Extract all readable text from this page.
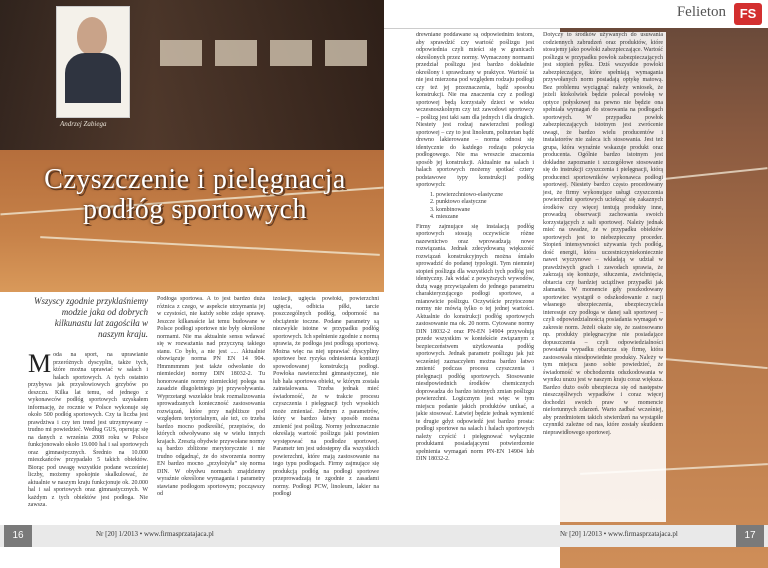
Andrzej Zabiega
Czyszczenie i pielęgnacja
podłóg sportowych
Wszyscy zgodnie przyklaśniemy modzie jaka od dobrych kilkunastu lat zagościła w naszym kraju.
Moda na sport, na uprawianie przeróżnych dyscyplin, także tych, które można uprawiać w salach i halach sportowych. A tych ostatnio przybywa jak przysłowiowych grzybów po deszczu. Kilka lat temu, od jednego z wykonawców podłóg sportowych uzyskałem informację, że rocznie w Polsce wykonuje się około 500 podłóg sportowych. Czy ta liczba jest prawdziwa i czy ten trend jest utrzymywany – trudno mi powiedzieć. Według GUS, operując się na danych z września 2008 roku w Polsce funkcjonowało około 19.000 hal i sal sportowych oraz gimnastycznych. Średnio na 10.000 mieszkańców przypadało 5 takich obiektów. Biorąc pod uwagę wszystkie podane wcześniej liczby, możemy spokojnie skalkulować, że aktualnie w naszym kraju funkcjonuje ok. 20.000 hal i sal sportowych oraz gimnastycznych. W każdym z tych obiektów jest podłoga. Nie zawsza.
Podłoga sportowa. A to jest bardzo duża różnica z czego, w aspekcie utrzymania jej w czystości, nie każdy sobie zdaje sprawę. Jeszcze kilkanaście lat temu budowane w Polsce podłogi sportowe nie były określone normami. Nie ma aktualnie sensu wdawać się w rozważania nad przyczyną takiego stanu. Co było, a nie jest ..... Aktualnie obowiązuje norma PN EN 14 904. Hmmmmmm jest także odwołanie do niemieckiej normy DIN 18032-2. Tu honorowanie normy niemieckiej polega na zasadzie dlugoletniego jej przywoływania. Wyprzetargi wszelakie brak rozmalizowania sprowadzanych konieczność zastosowania rozwiązań, które przy najbliższe pod względem terytorialnym, ale też, co trzeba bardzo mocno podkreślić, przepisów, do których odwoływano się w wielu innych krajach. Zresztą obydwie przywołane normy są bardzo zbliżone merytorycznie i nie trudno odgadnąć, że do stworzenia normy EN bardzo mocno „przyłożyła” się norma DIN. W obydwu normach znajdziemy wyraźnie określone wymagania i parametry stawiane podłogom sportowym; począwszy od
izolacji, ugięcia powłoki, powierzchni ugięcia, odbicia piłki, tarcie poszczególnych podłóg, odporność na obciążenie toczne. Podane parametry są niezwykle istotne w przypadku podłóg sportowych. Ich spełnienie zgodnie z normą sprawia, że podłoga jest podłogą sportową. Można więc na niej uprawiać dyscypliny sportowe bez ryzyka odniesienia kontuzji spowodowanej konstrukcją podłogi. Powłoka nawierzchni gimnastycznej, nie lub hala sportowa obiekt, w którym została zainstalowana. Trzeba jednak mieć świadomość, że w trakcie procesu czyszczenia i pielęgnacji tych wysokich może zmieniać. Jednym z parametrów, który w bardzo łatwy sposób można zmienić jest poślizg. Normy jednoznacznie określają wartość poślizgu jaki powinien występować na podłodze sportowej. Parametr ten jest udostępny dla wszystkich powierzchni, które mają zastosowanie na tego typu podłogach. Firmy zajmujące się produkcją podłóg na podłogi sportowe przeprowadzają te zgodnie z zasadami normy. Podłogi PCW, linoleum, lakier na podłogi
16	Nr [20] 1/2013 • www.firmasprzatajaca.pl
Felieton	FS
drewniane poddawane są odpowiednim testom, aby sprawdzić czy wartość poślizgu jest odpowiednia czyli mieści się w granicach określonych przez normy. Wymaczony normami przedział poślizgu jest bardzo dokładnie określony i sprawdzany w praktyce. Wartość ta nie jest mierzona pod względem rodzaju podłogi czy też jej przeznaczenia, bądź sposobu konstrukcji. Nie ma znaczenia czy z podłogi sportowej będą korzystały dzieci w wieku wczesnoszkolnym czy też zawodowi sportowcy – poślizg jest taki sam dla jednych i dla drugich. Niestety jest rodzaj nawierzchni podłogi sportowej – czy to jest linoleum, poliuretan bądź drewno lakierowane – norma odnosi się identycznie do każdego rodzaju pokrycia podłogowego. Nie ma wreszcie znaczenia sposób jej konstrukcji. Aktualnie na salach i halach sportowych możemy spotkać cztery podstawowe typy konstrukcji podłóg sportowych:
1. powierzchniowo-elastyczne
2. punktowo elastyczne
3. kombinowane
4. mieszane
Firmy zajmujące się instalacją podłóg sportowych stosują oczywiście różne nazewnictwo oraz wprowadzają nowe rozwiązania. Jednak zdecydowaną większość rozwiązań konstrukcyjnych można śmiało sprowadzić do podanej typologii. Tym niemniej stopień poślizgu dla wszystkich tych podłóg jest identyczny. Jak widać z powyższych wywodów, dużą wagę przywiązałem do jednego parametru charakteryzującego podłogi sportowe, a mianowicie poślizgu. Oczywiście przytoczone normy nie mówią tylko o tej jednej wartości. Aktualnie do konstrukcji podłóg sportowych zastosowanie ma ok. 20 norm. Cytowane normy DIN 18032-2 oraz PN-EN 14904 przywołują przede wszystkim w kontekście związanym z bezpieczeństwem użytkowania podłóg sportowych. Jednak parametr poślizgu jak już wcześniej zaznaczyłem można bardzo łatwo zmienić podczas procesu czyszczenia i pielęgnacji podłóg sportowych. Stosowanie niesdpowiednich środków chemicznych doprowadza do bardzo istotnych zmian poślizgu powierzchni. Logicznym jest więc w tym miejscu podanie jakich produktów unikać, a jakie stosować. Łatwiej będzie jednak wymienić te drugie gdyż odpowiedź jest bardzo prosta: podłogi sportowe na salach i halach sportowych należy czyścić i pielęgnować wyłącznie produktami posiadającymi potwierdzenie spełnienia wymagań norm PN-EN 14904 lub DIN 18032-2.
Dotyczy to środków używanych do usuwania codziennych zabrudzeń oraz produktów, które stosujemy jako powłoki zabezpieczające. Wartość poślizgu w przypadku powłok zabezpieczających jest stopień pyłku. Dziś wszystkie powłoki zabezpieczające, które spełniają wymagania przywołanych norm posiadają optykę matową. Bez problemu wyciągnąć należy wniosek, że jeżeli ktokolwiek będzie polecał powłokę w optyce połyskowej na pewno nie będzie ona spełniała wymagań do stosowania na podłogach sportowych. W przypadku powłok zabezpieczających istotnym jest zwrócenie uwagi, że bardzo wielu producentów i instalatorów nie zaleca ich stosowania. Jest też grupa, która wyraźnie wskazuje produkt oraz producenta. Ogólnie bardzo istotnym jest dokładne zapoznanie i szczegółowe stosowanie się do instrukcji czyszczenia i pielęgnacji, którą producenci sportowników wykonawca podłogi sportowej. Niestety bardzo często procedowany jest, że firmy wykonujące usługi czyszczenia powierzchni sportowych ucieknąć się zakaznych środków czy więcej tentują produkty inne, prowadzą obserwacji zachowania swoich korzystających z sali sportowej. Należy jednak mieć na uwadze, że w przypadku obiektów sportowych jest to niebezpieczny proceder. Stopień intensywności używania tych podłóg, dość energii, która uczestniczyniekoniecznie nawet wyczynowe – wkładają w udział w prawdziwych grach i zawodach sprawia, że zakrzają się kontuzje, stłuczenia, zwichnięcia, obtarcia czy bardziej uciążliwe przypadki jak złamania. W momencie gdy poszkodowany sportowiec wystąpił o odszkodowanie z racji własnego ubezpieczenia, ubezpieczyciela interesuje czy podłoga w danej sali sportowej – czyli odpowiedzialnością posiadania wymagań w zakresie norm. Jeżeli okaże się, że zastosowano np. produkty pielęgnacyjne nie posiadające dopuszczenia – czyli odpowiedzialności powstania wypadku obarcza się firmę, która zastosowała niesdpowiednie produkty. Należy w tym miejscu jasno sobie powiedzieć, że świadomość w obchodzeniu odszkodowania w wyniku urazu jest w naszym kraju coraz większa. Bardzo dużo osób ubezpiecza się od następstw nieszczęśliwych wypadków i coraz więcej dochodzi swoich praw w momencie niefortunnych zdarzeń. Warto zadbać wcześniej, aby przedmiotem takich stwierdzeń na wystąpiłe czynniki zależne od nas, które zostały skutkiem nieprawidłowego sportowej.
Nr [20] 1/2013 • www.firmasprzatajaca.pl	17
